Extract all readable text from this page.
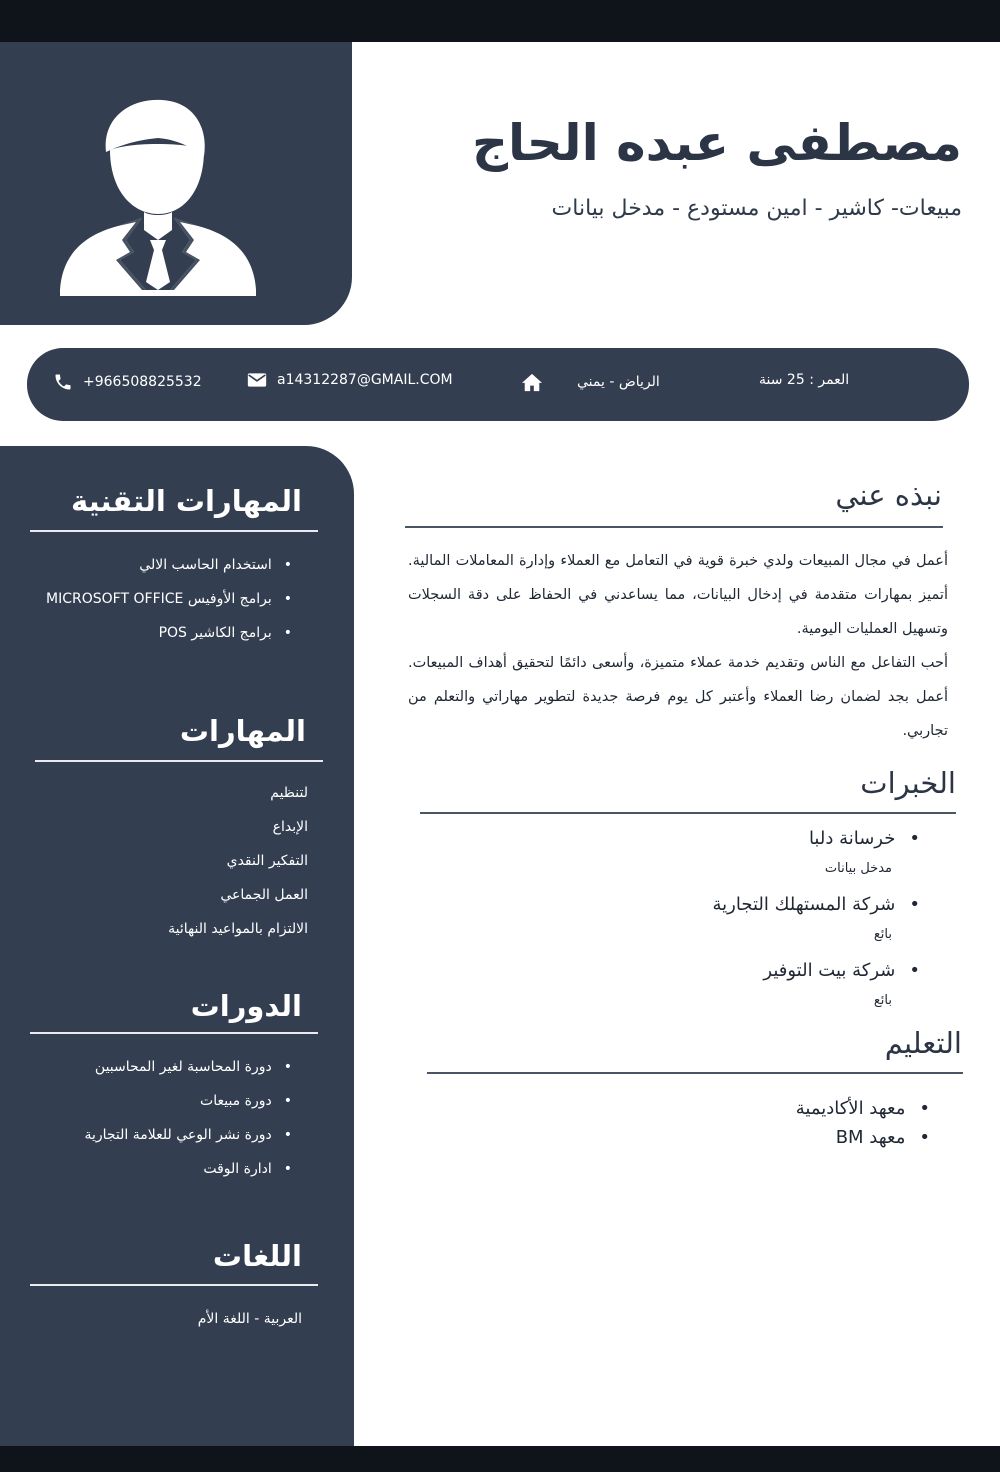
مصطفى عبده الحاج
مبيعات- كاشير - امين مستودع - مدخل بيانات
+966508825532	a14312287@GMAIL.COM	الرياض - يمني	العمر : 25 سنة
المهارات التقنية
• استخدام الحاسب الالي
• برامج الأوفيس MICROSOFT OFFICE
• برامج الكاشير POS
المهارات
لتنظيم
الإبداع
التفكير النقدي
العمل الجماعي
الالتزام بالمواعيد النهائية
الدورات
• دورة المحاسبة لغير المحاسبين
• دورة مبيعات
• دورة نشر الوعي للعلامة التجارية
• ادارة الوقت
اللغات
العربية - اللغة الأم
نبذه عني

أعمل في مجال المبيعات ولدي خبرة قوية في التعامل مع العملاء وإدارة المعاملات المالية. أتميز بمهارات متقدمة في إدخال البيانات، مما يساعدني في الحفاظ على دقة السجلات وتسهيل العمليات اليومية.

أحب التفاعل مع الناس وتقديم خدمة عملاء متميزة، وأسعى دائمًا لتحقيق أهداف المبيعات. أعمل بجد لضمان رضا العملاء وأعتبر كل يوم فرصة جديدة لتطوير مهاراتي والتعلم من تجاربي.

الخبرات
• خرسانة دلبا
مدخل بيانات
• شركة المستهلك التجارية
بائع
• شركة بيت التوفير
بائع
التعليم
• معهد الأكاديمية
• معهد BM
